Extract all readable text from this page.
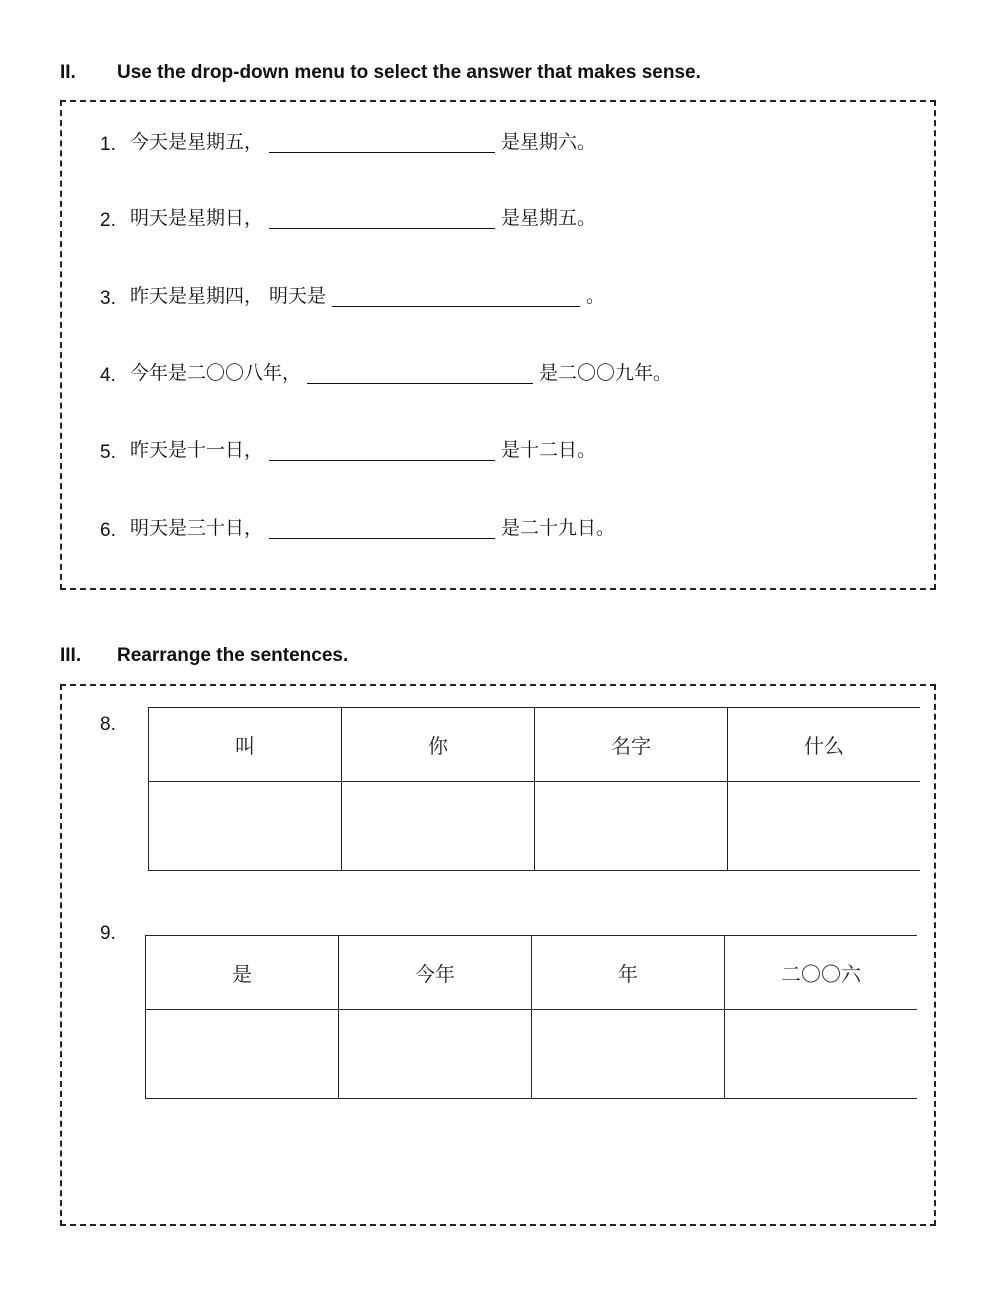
II. Use the drop-down menu to select the answer that makes sense.
1. 今天是星期五，	是星期六。
2. 明天是星期日，	是星期五。
3. 昨天是星期四， 明天是	。
4. 今年是二〇〇八年，	是二〇〇九年。
5. 昨天是十一日，	是十二日。
6. 明天是三十日，	是二十九日。
III. Rearrange the sentences.
8.
叫	你	名字	什么

9.
是	今年	年	二〇〇六
